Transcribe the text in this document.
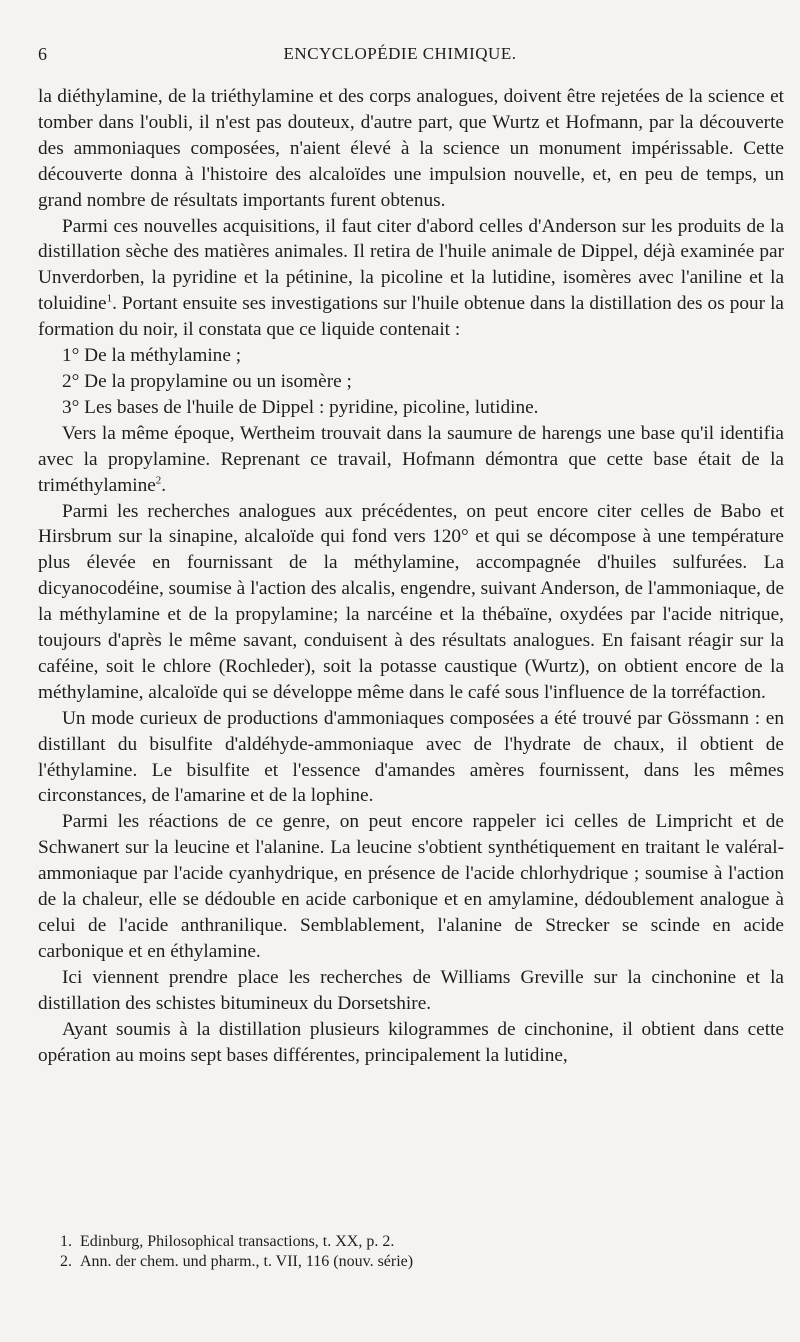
6	ENCYCLOPÉDIE CHIMIQUE.

la diéthylamine, de la triéthylamine et des corps analogues, doivent être rejetées de la science et tomber dans l'oubli, il n'est pas douteux, d'autre part, que Wurtz et Hofmann, par la découverte des ammoniaques composées, n'aient élevé à la science un monument impérissable. Cette découverte donna à l'histoire des alcaloïdes une impulsion nouvelle, et, en peu de temps, un grand nombre de résultats importants furent obtenus.

Parmi ces nouvelles acquisitions, il faut citer d'abord celles d'Anderson sur les produits de la distillation sèche des matières animales. Il retira de l'huile animale de Dippel, déjà examinée par Unverdorben, la pyridine et la pétinine, la picoline et la lutidine, isomères avec l'aniline et la toluidine$^1$. Portant ensuite ses investigations sur l'huile obtenue dans la distillation des os pour la formation du noir, il constata que ce liquide contenait :

1° De la méthylamine ;

2° De la propylamine ou un isomère ;

3° Les bases de l'huile de Dippel : pyridine, picoline, lutidine.

Vers la même époque, Wertheim trouvait dans la saumure de harengs une base qu'il identifia avec la propylamine. Reprenant ce travail, Hofmann démontra que cette base était de la triméthylamine$^2$.

Parmi les recherches analogues aux précédentes, on peut encore citer celles de Babo et Hirsbrum sur la sinapine, alcaloïde qui fond vers 120° et qui se décompose à une température plus élevée en fournissant de la méthylamine, accompagnée d'huiles sulfurées. La dicyanocodéine, soumise à l'action des alcalis, engendre, suivant Anderson, de l'ammoniaque, de la méthylamine et de la propylamine; la narcéine et la thébaïne, oxydées par l'acide nitrique, toujours d'après le même savant, conduisent à des résultats analogues. En faisant réagir sur la caféine, soit le chlore (Rochleder), soit la potasse caustique (Wurtz), on obtient encore de la méthylamine, alcaloïde qui se développe même dans le café sous l'influence de la torréfaction.

Un mode curieux de productions d'ammoniaques composées a été trouvé par Gössmann : en distillant du bisulfite d'aldéhyde-ammoniaque avec de l'hydrate de chaux, il obtient de l'éthylamine. Le bisulfite et l'essence d'amandes amères fournissent, dans les mêmes circonstances, de l'amarine et de la lophine.

Parmi les réactions de ce genre, on peut encore rappeler ici celles de Limpricht et de Schwanert sur la leucine et l'alanine. La leucine s'obtient synthétiquement en traitant le valéral-ammoniaque par l'acide cyanhydrique, en présence de l'acide chlorhydrique ; soumise à l'action de la chaleur, elle se dédouble en acide carbonique et en amylamine, dédoublement analogue à celui de l'acide anthranilique. Semblablement, l'alanine de Strecker se scinde en acide carbonique et en éthylamine.

Ici viennent prendre place les recherches de Williams Greville sur la cinchonine et la distillation des schistes bitumineux du Dorsetshire.

Ayant soumis à la distillation plusieurs kilogrammes de cinchonine, il obtient dans cette opération au moins sept bases différentes, principalement la lutidine,

1. Edinburg, Philosophical transactions, t. XX, p. 2.

2. Ann. der chem. und pharm., t. VII, 116 (nouv. série)
